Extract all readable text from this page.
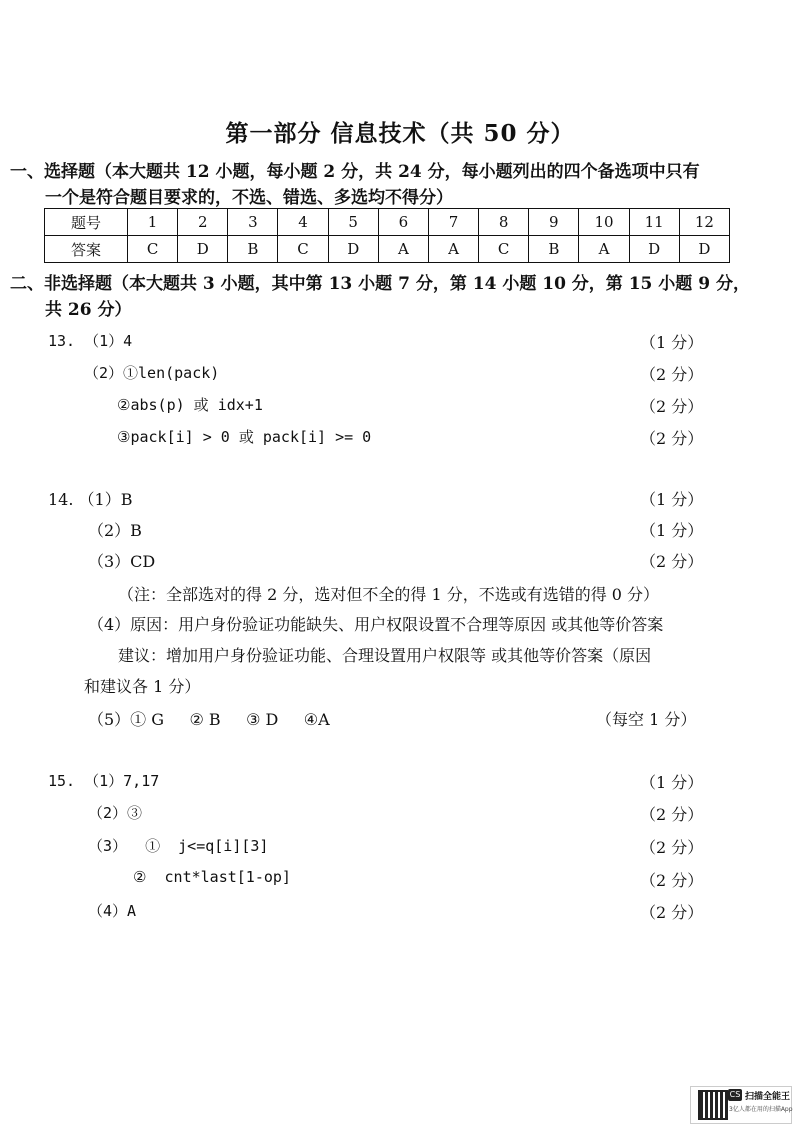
第一部分 信息技术（共 50 分）
一、选择题（本大题共 12 小题，每小题 2 分，共 24 分，每小题列出的四个备选项中只有
一个是符合题目要求的，不选、错选、多选均不得分）
题号	1	2	3	4	5	6	7	8	9	10	11	12
答案	C	D	B	C	D	A	A	C	B	A	D	D
二、非选择题（本大题共 3 小题，其中第 13 小题 7 分，第 14 小题 10 分，第 15 小题 9 分，
共 26 分）
13. （1）4	（1 分）
（2）①len(pack)	（2 分）
②abs(p) 或 idx+1	（2 分）
③pack[i] > 0 或 pack[i] >= 0	（2 分）
14. （1）B	（1 分）
（2）B	（1 分）
（3）CD	（2 分）
（注：全部选对的得 2 分，选对但不全的得 1 分，不选或有选错的得 0 分）
（4）原因：用户身份验证功能缺失、用户权限设置不合理等原因 或其他等价答案
建议：增加用户身份验证功能、合理设置用户权限等 或其他等价答案（原因
和建议各 1 分）
（5）① G     ② B     ③ D     ④A	（每空 1 分）
15. （1）7,17	（1 分）
（2）③	（2 分）
（3）  ①  j<=q[i][3]	（2 分）
②  cnt*last[1-op]	（2 分）
（4）A	（2 分）
CS 扫描全能王
3亿人都在用的扫描App
